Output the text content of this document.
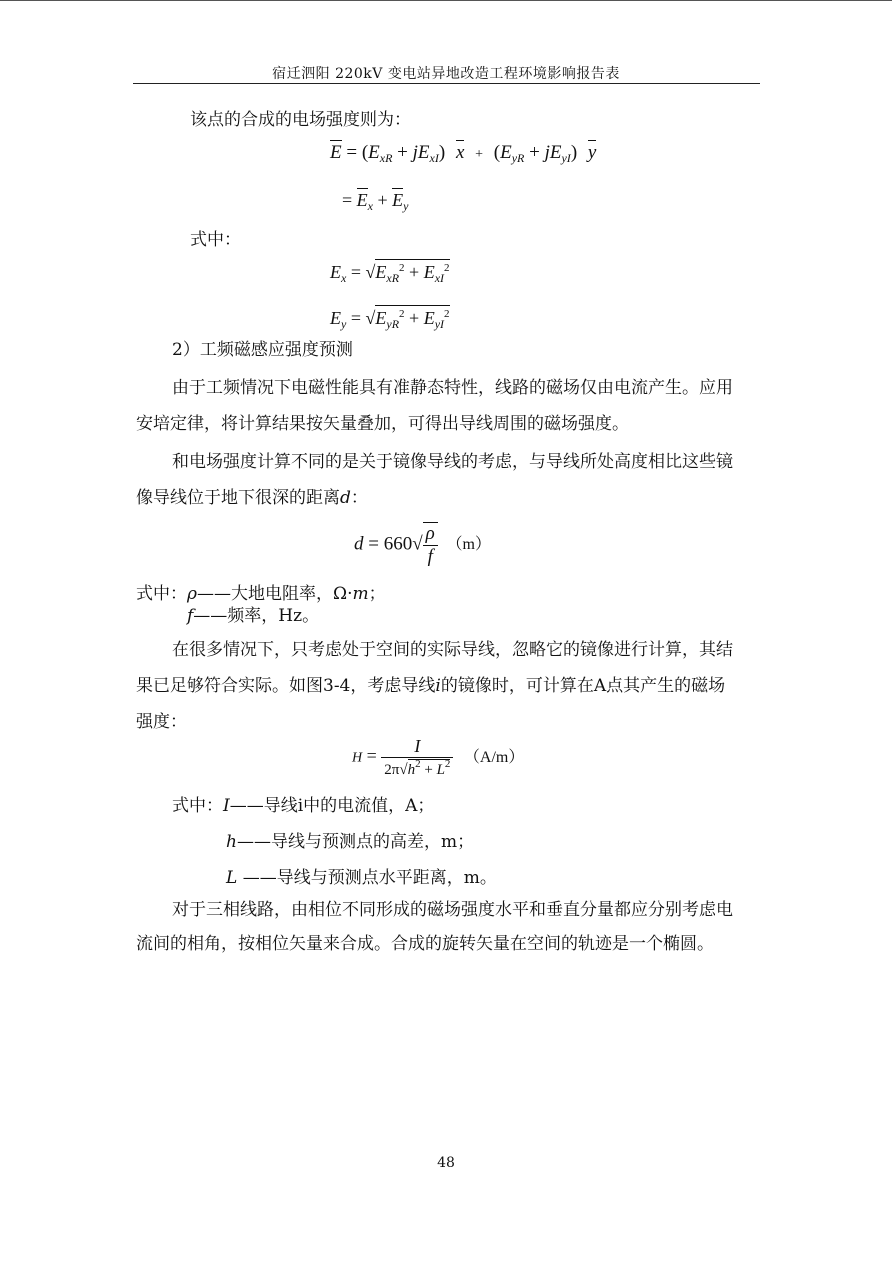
宿迁泗阳 220kV 变电站异地改造工程环境影响报告表
该点的合成的电场强度则为：
$E = (E_{xR} + jE_{xI}) x + (E_{yR} + jE_{yI})$ y
= $E_x + E_y$
式中：
$E_x = √E_{xR}^2 + E_{xI}^2$
$E_y = √E_{yR}^2 + E_{yI}^2$
2）工频磁感应强度预测
由于工频情况下电磁性能具有准静态特性，线路的磁场仅由电流产生。应用
安培定律，将计算结果按矢量叠加，可得出导线周围的磁场强度。
和电场强度计算不同的是关于镜像导线的考虑，与导线所处高度相比这些镜
像导线位于地下很深的距离d：
$d = 660√ \frac{\rho}{f} (m)$
式中：ρ——大地电阻率，Ω·m；
f——频率，Hz。
在很多情况下，只考虑处于空间的实际导线，忽略它的镜像进行计算，其结
果已足够符合实际。如图3-4，考虑导线i的镜像时，可计算在A点其产生的磁场
强度：
$H = \frac{I}{2\pi√h^2 + L^2} (A/m)$
式中：I——导线i中的电流值，A；
h——导线与预测点的高差，m；
L ——导线与预测点水平距离，m。
对于三相线路，由相位不同形成的磁场强度水平和垂直分量都应分别考虑电
流间的相角，按相位矢量来合成。合成的旋转矢量在空间的轨迹是一个椭圆。
48
